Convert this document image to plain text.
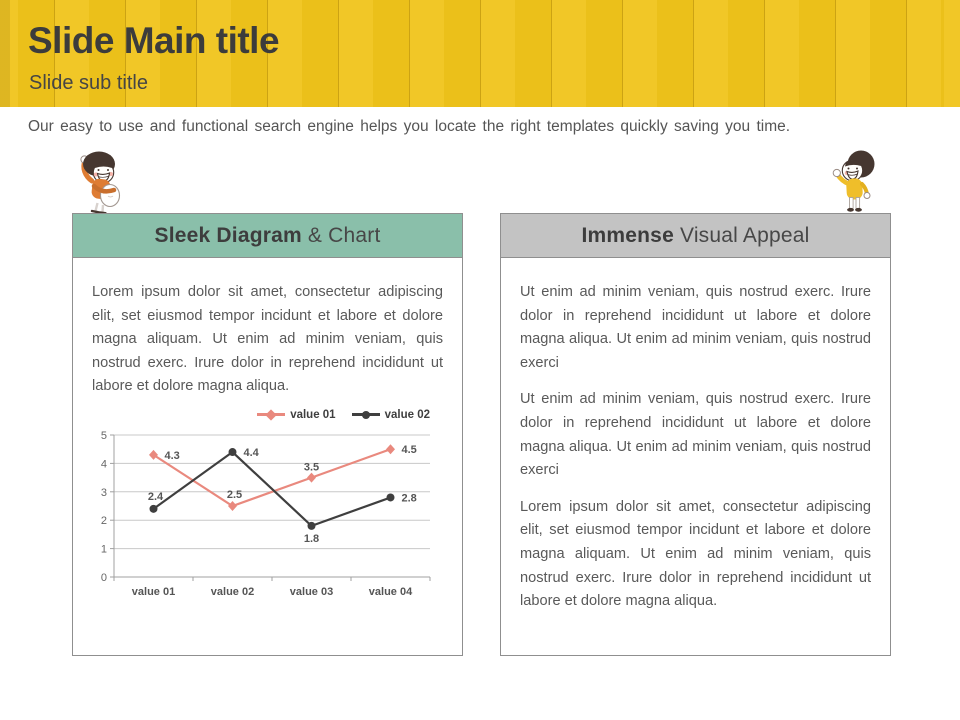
Slide Main title
Slide sub title
Our easy to use and functional search engine helps you locate the right templates quickly saving you time.
Sleek Diagram & Chart
Lorem ipsum dolor sit amet, consectetur adipiscing elit, set eiusmod tempor incidunt et labore et dolore magna aliquam. Ut enim ad minim veniam, quis nostrud exerc. Irure dolor in reprehend incididunt ut labore et dolore magna aliqua.
value 01	value 02
0
1
2
3
4
5
value 01	value 02	value 03	value 04
4.3
2.5
3.5
4.5
2.4
4.4
1.8
2.8
Immense Visual Appeal

Ut enim ad minim veniam, quis nostrud exerc. Irure dolor in reprehend incididunt ut labore et dolore magna aliqua. Ut enim ad minim veniam, quis nostrud exerci

Ut enim ad minim veniam, quis nostrud exerc. Irure dolor in reprehend incididunt ut labore et dolore magna aliqua. Ut enim ad minim veniam, quis nostrud exerci

Lorem ipsum dolor sit amet, consectetur adipiscing elit, set eiusmod tempor incidunt et labore et dolore magna aliquam. Ut enim ad minim veniam, quis nostrud exerc. Irure dolor in reprehend incididunt ut labore et dolore magna aliqua.
